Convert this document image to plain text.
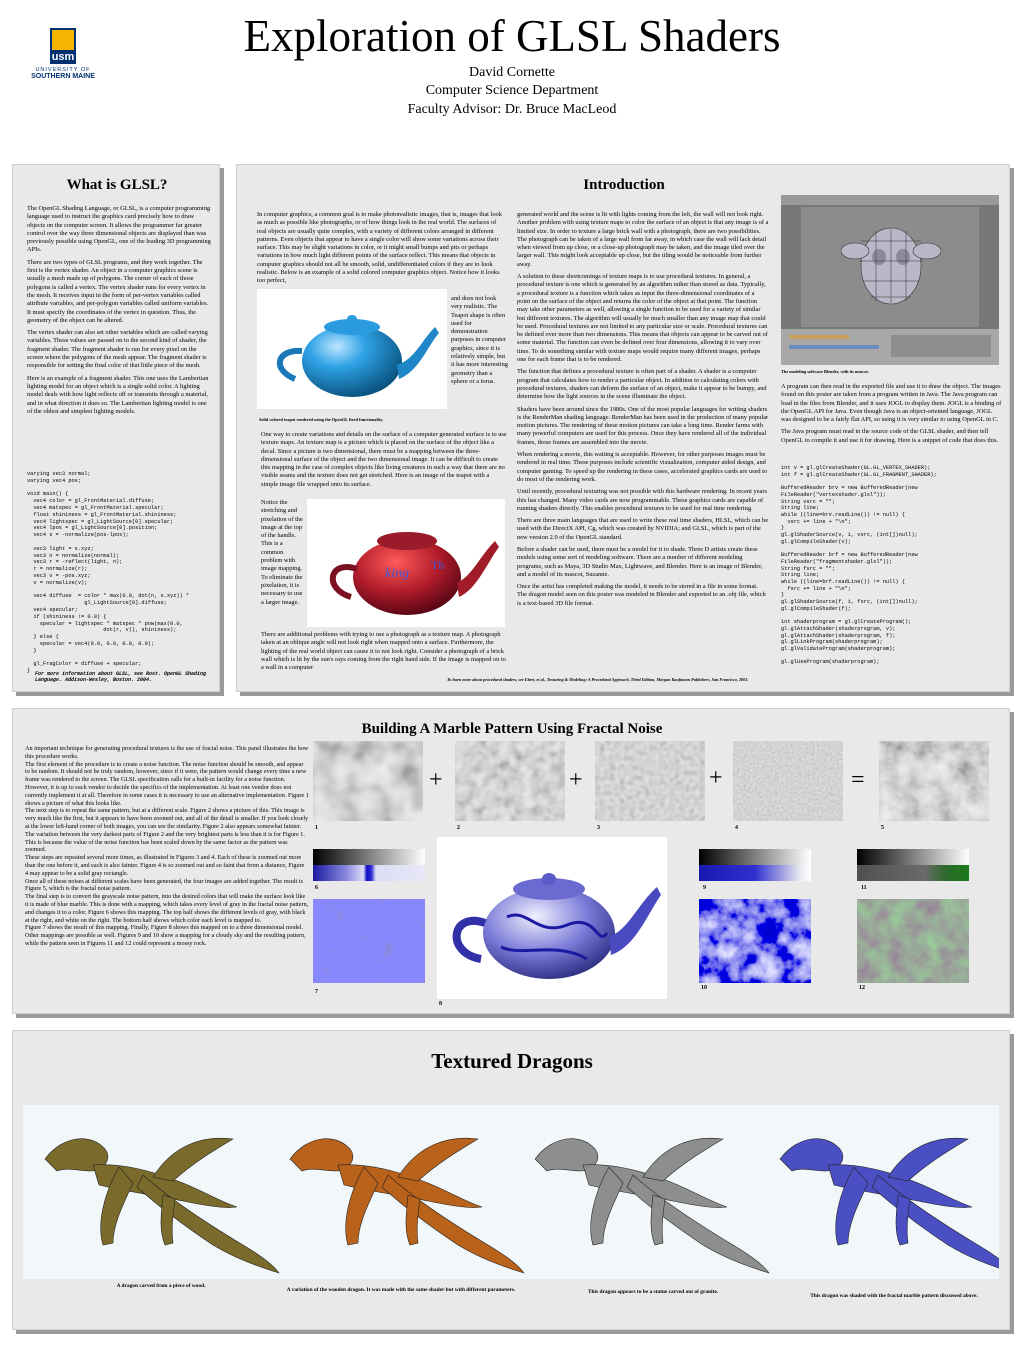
usm
UNIVERSITY OF
SOUTHERN MAINE
Exploration of GLSL Shaders
David Cornette
Computer Science Department
Faculty Advisor: Dr. Bruce MacLeod
What is GLSL?

The OpenGL Shading Language, or GLSL, is a computer programming language used to instruct the graphics card precisely how to draw objects on the computer screen. It allows the programmer far greater control over the way three dimensional objects are displayed than was previously possible using OpenGL, one of the leading 3D programming APIs.

There are two types of GLSL programs, and they work together. The first is the vertex shader. An object in a computer graphics scene is usually a mesh made up of polygons. The corner of each of those polygons is called a vertex. The vertex shader runs for every vertex in the mesh. It receives input in the form of per-vertex variables called attribute variables, and per-polygon variables called uniform variables. It must specify the coordinates of the vertex in question. Thus, the geometry of the object can be altered.

The vertex shader can also set other variables which are called varying variables. These values are passed on to the second kind of shader, the fragment shader. The fragment shader is run for every pixel on the screen where the polygons of the mesh appear. The fragment shader is responsible for setting the final color of that little piece of the mesh.

Here is an example of a fragment shader. This one uses the Lambertian lighting model for an object which is a single solid color. A lighting model deals with how light reflects off or transmits through a material, and in what direction it does so. The Lambertian lighting model is one of the oldest and simplest lighting models.

varying vec3 normal;
varying vec4 pos;

void main() {
vec4 color = gl_FrontMaterial.diffuse;
vec4 matspec = gl_FrontMaterial.specular;
float shininess = gl_FrontMaterial.shininess;
vec4 lightspec = gl_LightSource[0].specular;
vec4 lpos = gl_LightSource[0].position;
vec4 s = -normalize(pos-lpos);

vec3 light = s.xyz;
vec3 n = normalize(normal);
vec3 r = -reflect(light, n);
r = normalize(r);
vec3 v = -pos.xyz;
v = normalize(v);

vec4 diffuse  = color * max(0.0, dot(n, s.xyz)) *
gl_LightSource[0].diffuse;
vec4 specular;
if (shininess != 0.0) {
specular = lightspec * matspec * pow(max(0.0,
dot(r, v)), shininess);
} else {
specular = vec4(0.0, 0.0, 0.0, 0.0);
}

gl_FragColor = diffuse + specular;
} For more information about GLSL, see Rost. OpenGL Shading Language. Addison-Wesley, Boston. 2004.
Introduction
In computer graphics, a common goal is to make photorealistic images, that is, images that look as much as possible like photographs, or of how things look in the real world. The surfaces of real objects are usually quite complex, with a variety of different colors arranged in different patterns. Even objects that appear to have a single color will show some variations across their surface. This may be slight variations in color, or it might small bumps and pits or perhaps variations in how much light different points of the surface reflect. This means that objects in computer graphics should not all be smooth, solid, undifferentiated colors if they are to look realistic. Below is an example of a solid colored computer graphics object. Notice how it looks too perfect,
and does not look very realistic. The Teapot shape is often used for demonstration purposes in computer graphics, since it is relatively simple, but it has more interesting geometry than a sphere or a torus.
Solid colored teapot rendered using the OpenGL fixed functionality.
One way to create variations and details on the surface of a computer generated surface is to use texture maps. An texture map is a picture which is placed on the surface of the object like a decal. Since a picture is two dimensional, there must be a mapping between the three-dimensional surface of the object and the two dimensional image. It can be difficult to create this mapping in the case of complex objects like living creatures in such a way that there are no visible seams and the texture does not get stretched. Here is an image of the teapot with a simple image file wrapped onto its surface.
Notice the stretching and pixelation of the image at the top of the handle. This is a common problem with image mapping. To eliminate the pixelation, it is necessary to use a larger image.
king
Th
There are additional problems with trying to use a photograph as a texture map. A photograph taken at an oblique angle will not look right when mapped onto a surface. Furthermore, the lighting of the real world object can cause it to not look right. Consider a photograph of a brick wall which is lit by the sun's rays coming from the right hand side. If the image is mapped on to a wall in a computer

generated world and the scene is lit with lights coming from the left, the wall will not look right. Another problem with using texture maps to color the surface of an object is that any image is of a limited size. In order to texture a large brick wall with a photograph, there are two possibilities. The photograph can be taken of a large wall from far away, in which case the wall will lack detail when viewed from up close, or a close-up photograph may be taken, and the image tiled over the larger wall. This might look acceptable up close, but the tiling would be noticeable from further away.

A solution to these shortcomings of texture maps is to use procedural textures. In general, a procedural texture is one which is generated by an algorithm rather than stored as data. Typically, a procedural texture is a function which takes as input the three-dimensional coordinates of a point on the surface of the object and returns the color of the object at that point. The function may take other parameters as well, allowing a single function to be used for a variety of similar but different textures. The algorithm will usually be much smaller than any image map that could be used. Procedural textures are not limited to any particular size or scale. Procedural textures can be defined over more than two dimensions. This means that objects can appear to be carved out of some material. The function can even be defined over four dimensions, allowing it to vary over time. To do something similar with texture maps would require many different images, perhaps one for each frame that is to be rendered.

The function that defines a procedural texture is often part of a shader. A shader is a computer program that calculates how to render a particular object. In addition to calculating colors with procedural textures, shaders can deform the surface of an object, make it appear to be bumpy, and determine how the light sources in the scene illuminate the object.

Shaders have been around since the 1980s. One of the most popular languages for writing shaders is the RenderMan shading language. RenderMan has been used in the production of many popular motion pictures. The rendering of these motion pictures can take a long time. Render farms with many powerful computers are used for this process. Once they have rendered all of the individual frames, those frames are assembled into the movie.

When rendering a movie, this waiting is acceptable. However, for other purposes images must be rendered in real time. These purposes include scientific visualization, computer aided design, and computer gaming. To speed up the rendering in these cases, accelerated graphics cards are used to do most of the rendering work.

Until recently, procedural texturing was not possible with this hardware rendering. In recent years this has changed. Many video cards are now programmable. These graphics cards are capable of running shaders directly. This enables procedural textures to be used for real time rendering.

There are three main languages that are used to write these real time shaders, HLSL, which can be used with the DirectX API, Cg, which was created by NVIDIA; and GLSL, which is part of the new version 2.0 of the OpenGL standard.

Before a shader can be used, there must be a model for it to shade. Three D artists create these models using some sort of modeling software. There are a number of different modeling programs, such as Maya, 3D Studio Max, Lightwave, and Blender. Here is an image of Blender, and a model of its mascot, Suzanne.

Once the artist has completed making the model, it needs to be stored in a file in some format. The dragon model seen on this poster was modeled in Blender and exported to an .obj file, which is a text-based 3D file format.

The modeling software Blender, with its mascot.

A program can then read in the exported file and use it to draw the object. The images found on this poster are taken from a program written in Java. The Java program can load in the files from Blender, and it uses JOGL to display them. JOGL is a binding of the OpenGL API for Java. Even though Java is an object-oriented language, JOGL was designed to be a fairly flat API, so using it is very similar to using OpenGL in C.

The Java program must read in the source code of the GLSL shader, and then tell OpenGL to compile it and use it for drawing. Here is a snippet of code that does this.

int v = gl.glCreateShader(GL.GL_VERTEX_SHADER);
int f = gl.glCreateShader(GL.GL_FRAGMENT_SHADER);

BufferedReader brv = new BufferedReader(new
FileReader("vertexshader.glsl"));
String vsrc = "";
String line;
while ((line=brv.readLine()) != null) {
vsrc += line + "\n";
}
gl.glShaderSource(v, 1, vsrc, (int[])null);
gl.glCompileShader(v);

BufferedReader brf = new BufferedReader(new
FileReader("fragmentshader.glsl"));
String fsrc = "";
String line;
while ((line=brf.readLine()) != null) {
fsrc += line + "\n";
}
gl.glShaderSource(f, 1, fsrc, (int[])null);
gl.glCompileShader(f);

int shaderprogram = gl.glCreateProgram();
gl.glAttachShader(shaderprogram, v);
gl.glAttachShader(shaderprogram, f);
gl.glLinkProgram(shaderprogram);
gl.glValidateProgram(shaderprogram);

gl.glUseProgram(shaderprogram);
To learn more about procedural shaders, see Ebert, et al., Texturing & Modeling: A Procedural Approach, Third Edition, Morgan Kaufmann Publishers, San Francisco, 2003.
Building A Marble Pattern Using Fractal Noise
An important technique for generating procedural textures is the use of fractal noise. This panel illustrates the how this procedure works.
The first element of the procedure is to create a noise function. The noise function should be smooth, and appear to be random. It should not be truly random, however, since if it were, the pattern would change every time a new frame was rendered to the screen. The GLSL specification calls for a built-in facility for a noise function. However, it is up to each vendor to decide the specifics of the implementation. At least one vendor does not currently implement it at all. Therefore in some cases it is necessary to use an alternative implementation. Figure 1 shows a picture of what this looks like.
The next step is to repeat the same pattern, but at a different scale. Figure 2 shows a picture of this. This image is very much like the first, but it appears to have been zoomed out, and all of the detail is smaller. If you look closely at the lower left-hand corner of both images, you can see the similarity. Figure 2 also appears somewhat fainter. The variation between the very darkest parts of Figure 2 and the very brightest parts is less than it is for Figure 1. This is because the value of the noise function has been scaled down by the same factor as the pattern was zoomed.
These steps are repeated several more times, as illustrated in Figures 3 and 4. Each of these is zoomed out more than the one before it, and each is also fainter. Figure 4 is so zoomed out and so faint that from a distance, Figure 4 may appear to be a solid gray rectangle.
Once all of these noises at different scales have been generated, the four images are added together. The result is Figure 5, which is the fractal noise pattern.
The final step is to convert the grayscale noise pattern, into the desired colors that will make the surface look like it is made of blue marble. This is done with a mapping, which takes every level of gray in the fractal noise pattern, and changes it to a color. Figure 6 shows this mapping. The top half shows the different levels of gray, with black at the right, and white on the right. The bottom half shows which color each level is mapped to.
Figure 7 shows the result of this mapping. Finally, Figure 8 shows this mapped on to a three dimensional model.
Other mappings are possible as well. Figures 9 and 10 show a mapping for a cloudy sky and the resulting pattern, while the pattern seen in Figures 11 and 12 could represent a mossy rock.
+	+	+	=
1	2	3	4	5
6
7
8
9
10
11
12
Textured Dragons
A dragon carved from a piece of wood.
A variation of the wooden dragon. It was made with the same shader but with different parameters.	This dragon appears to be a statue carved out of granite.
This dragon was shaded with the fractal marble pattern discussed above.
